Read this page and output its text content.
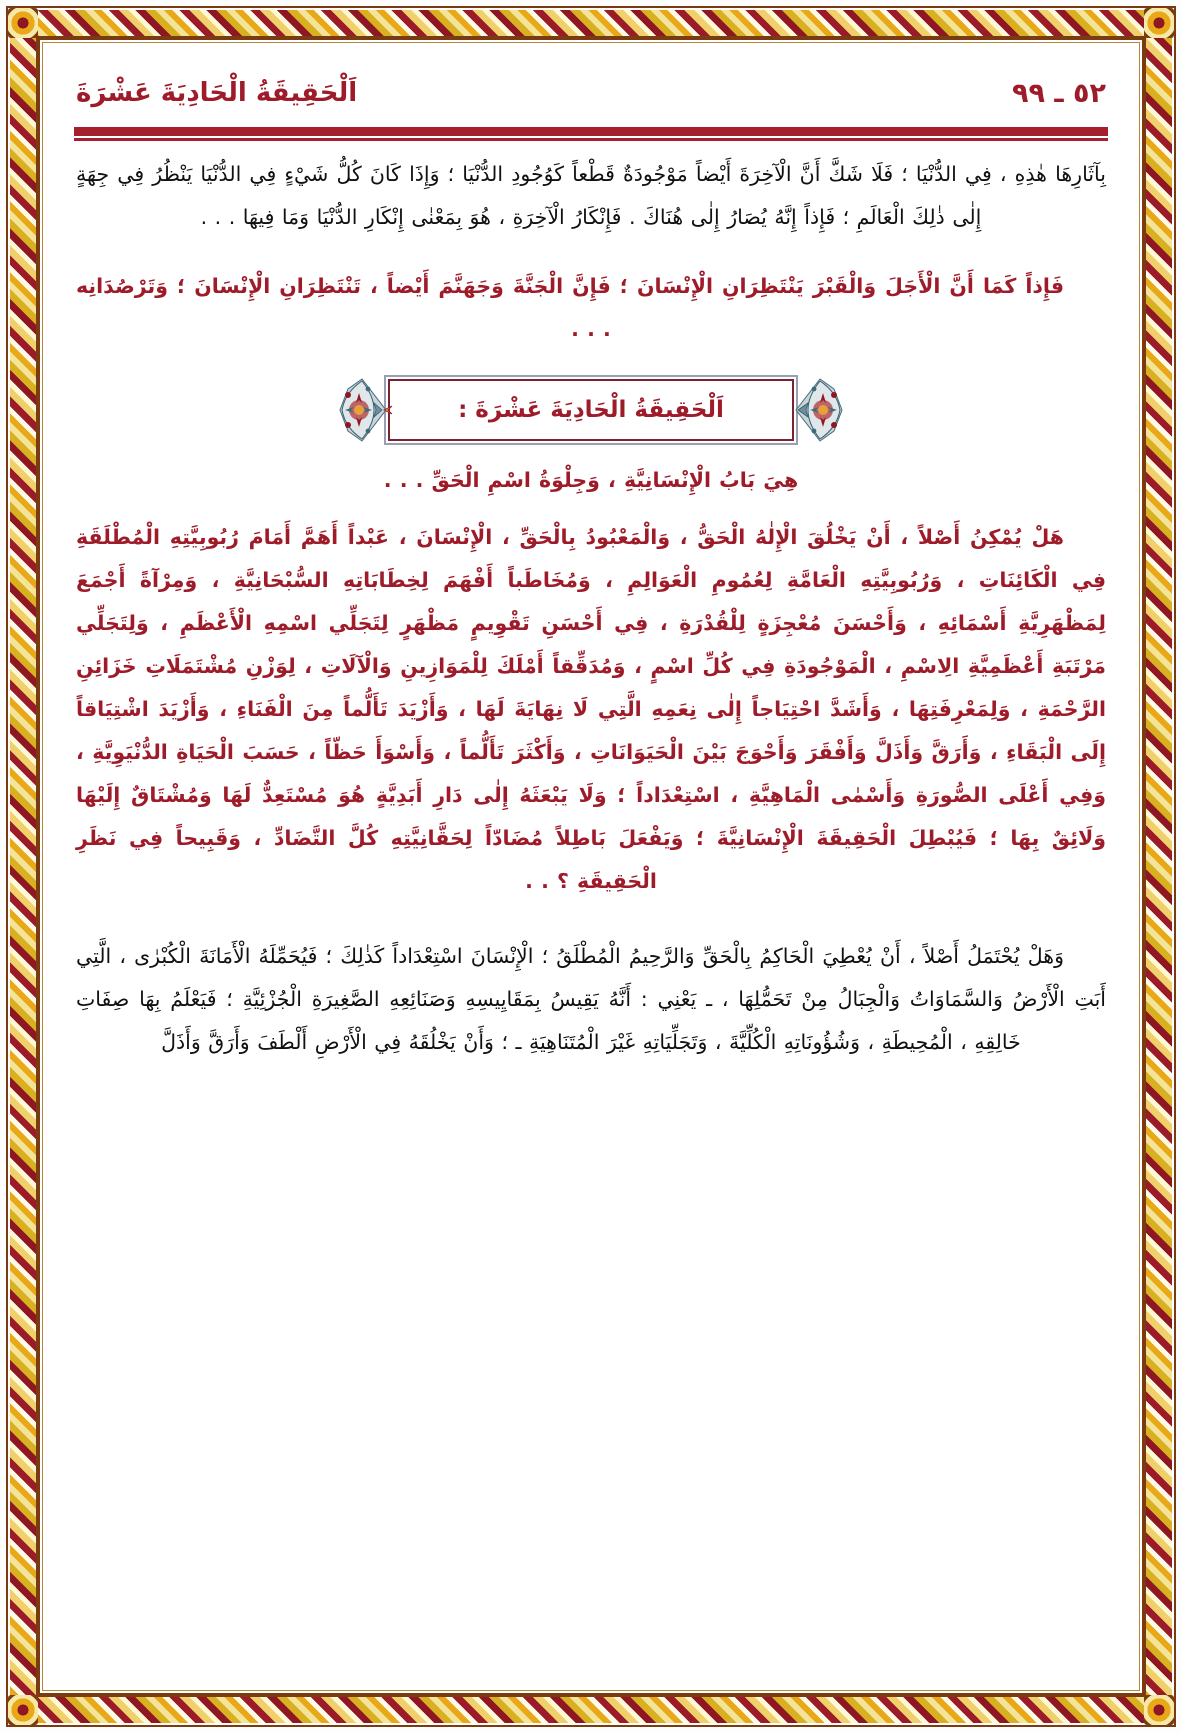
٥٢ ـ ٩٩
اَلْحَقِيقَةُ الْحَادِيَةَ عَشْرَةَ

بِآثَارِهَا هٰذِهِ ، فِي الدُّنْيَا ؛ فَلَا شَكَّ أَنَّ الْآخِرَةَ أَيْضاً مَوْجُودَةٌ قَطْعاً كَوُجُودِ الدُّنْيَا ؛ وَإِذَا كَانَ كُلُّ شَيْءٍ فِي الدُّنْيَا يَنْظُرُ فِي جِهَةٍ إِلٰى ذٰلِكَ الْعَالَمِ ؛ فَإِذاً إِنَّهُ يُصَارُ إِلٰى هُنَاكَ . فَإِنْكَارُ الْآخِرَةِ ، هُوَ بِمَعْنٰى إِنْكَارِ الدُّنْيَا وَمَا فِيهَا . . .

فَإِذاً كَمَا أَنَّ الْأَجَلَ وَالْقَبْرَ يَنْتَظِرَانِ الْإِنْسَانَ ؛ فَإِنَّ الْجَنَّةَ وَجَهَنَّمَ أَيْضاً ، تَنْتَظِرَانِ الْإِنْسَانَ ؛ وَتَرْصُدَانِه . . .

اَلْحَقِيقَةُ الْحَادِيَةَ عَشْرَةَ :

هِيَ بَابُ الْإِنْسَانِيَّةِ ، وَجِلْوَةُ اسْمِ الْحَقِّ . . .

هَلْ يُمْكِنُ أَصْلاً ، أَنْ يَخْلُقَ الْإِلٰهُ الْحَقُّ ، وَالْمَعْبُودُ بِالْحَقِّ ، الْإِنْسَانَ ، عَبْداً أَهَمَّ أَمَامَ رُبُوبِيَّتِهِ الْمُطْلَقَةِ فِي الْكَائِنَاتِ ، وَرُبُوبِيَّتِهِ الْعَامَّةِ لِعُمُومِ الْعَوَالِمِ ، وَمُخَاطَباً أَفْهَمَ لِخِطَابَاتِهِ السُّبْحَانِيَّةِ ، وَمِرْآةً أَجْمَعَ لِمَظْهَرِيَّةِ أَسْمَائِهِ ، وَأَحْسَنَ مُعْجِزَةٍ لِلْقُدْرَةِ ، فِي أَحْسَنِ تَقْوِيمٍ مَظْهَرٍ لِتَجَلِّي اسْمِهِ الْأَعْظَمِ ، وَلِتَجَلِّي مَرْتَبَةِ أَعْظَمِيَّةِ الِاسْمِ ، الْمَوْجُودَةِ فِي كُلِّ اسْمٍ ، وَمُدَقِّقاً أَمْلَكَ لِلْمَوَازِينِ وَالْآلَاتِ ، لِوَزْنِ مُشْتَمَلَاتِ خَزَائِنِ الرَّحْمَةِ ، وَلِمَعْرِفَتِهَا ، وَأَشَدَّ احْتِيَاجاً إِلٰى نِعَمِهِ الَّتِي لَا نِهَايَةَ لَهَا ، وَأَزْيَدَ تَأَلُّماً مِنَ الْفَنَاءِ ، وَأَزْيَدَ اشْتِيَاقاً إِلَى الْبَقَاءِ ، وَأَرَقَّ وَأَذَلَّ وَأَفْقَرَ وَأَحْوَجَ بَيْنَ الْحَيَوَانَاتِ ، وَأَكْثَرَ تَأَلُّماً ، وَأَسْوَأَ حَظّاً ، حَسَبَ الْحَيَاةِ الدُّنْيَوِيَّةِ ، وَفِي أَعْلَى الصُّورَةِ وَأَسْمٰى الْمَاهِيَّةِ ، اسْتِعْدَاداً ؛ وَلَا يَبْعَثَهُ إِلٰى دَارِ أَبَدِيَّةٍ هُوَ مُسْتَعِدٌّ لَهَا وَمُشْتَاقٌ إِلَيْهَا وَلَائِقٌ بِهَا ؛ فَيُبْطِلَ الْحَقِيقَةَ الْإِنْسَانِيَّةَ ؛ وَيَفْعَلَ بَاطِلاً مُضَادّاً لِحَقَّانِيَّتِهِ كُلَّ التَّضَادِّ ، وَقَبِيحاً فِي نَظَرِ الْحَقِيقَةِ ؟ . .

وَهَلْ يُحْتَمَلُ أَصْلاً ، أَنْ يُعْطِيَ الْحَاكِمُ بِالْحَقِّ وَالرَّحِيمُ الْمُطْلَقُ ؛ الْإِنْسَانَ اسْتِعْدَاداً كَذٰلِكَ ؛ فَيُحَمِّلَهُ الْأَمَانَةَ الْكُبْرٰى ، الَّتِي أَبَتِ الْأَرْضُ وَالسَّمَاوَاتُ وَالْجِبَالُ مِنْ تَحَمُّلِهَا ، ـ يَعْنِي : أَنَّهُ يَقِيسُ بِمَقَايِيسِهِ وَصَنَائِعِهِ الصَّغِيرَةِ الْجُزْئِيَّةِ ؛ فَيَعْلَمُ بِهَا صِفَاتِ خَالِقِهِ ، الْمُحِيطَةِ ، وَشُؤُونَاتِهِ الْكُلِّيَّةَ ، وَتَجَلِّيَاتِهِ غَيْرَ الْمُتَنَاهِيَةِ ـ ؛ وَأَنْ يَخْلُقَهُ فِي الْأَرْضِ أَلْطَفَ وَأَرَقَّ وَأَذَلَّ
